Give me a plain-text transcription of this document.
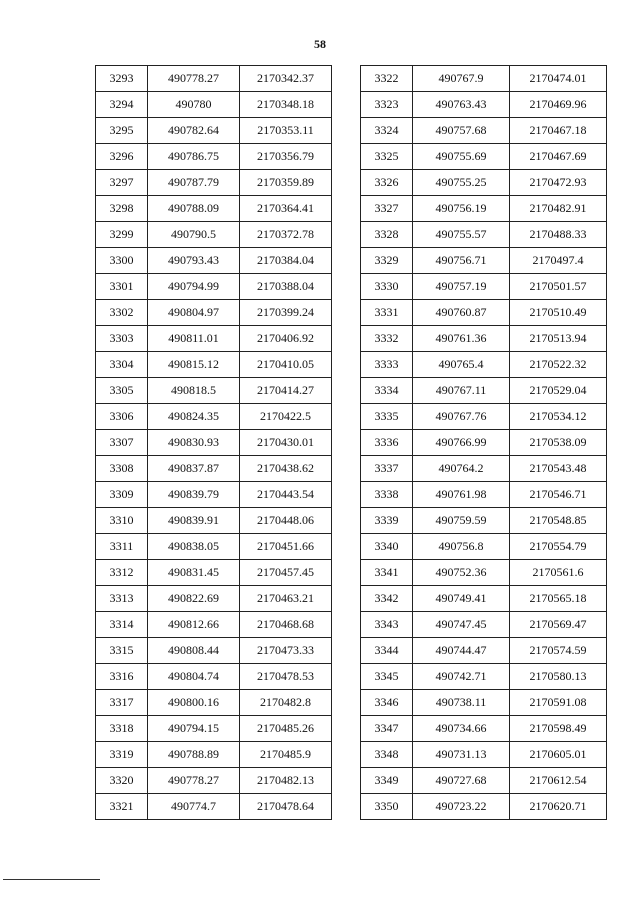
58
3293	490778.27	2170342.37
3294	490780	2170348.18
3295	490782.64	2170353.11
3296	490786.75	2170356.79
3297	490787.79	2170359.89
3298	490788.09	2170364.41
3299	490790.5	2170372.78
3300	490793.43	2170384.04
3301	490794.99	2170388.04
3302	490804.97	2170399.24
3303	490811.01	2170406.92
3304	490815.12	2170410.05
3305	490818.5	2170414.27
3306	490824.35	2170422.5
3307	490830.93	2170430.01
3308	490837.87	2170438.62
3309	490839.79	2170443.54
3310	490839.91	2170448.06
3311	490838.05	2170451.66
3312	490831.45	2170457.45
3313	490822.69	2170463.21
3314	490812.66	2170468.68
3315	490808.44	2170473.33
3316	490804.74	2170478.53
3317	490800.16	2170482.8
3318	490794.15	2170485.26
3319	490788.89	2170485.9
3320	490778.27	2170482.13
3321	490774.7	2170478.64
3322	490767.9	2170474.01
3323	490763.43	2170469.96
3324	490757.68	2170467.18
3325	490755.69	2170467.69
3326	490755.25	2170472.93
3327	490756.19	2170482.91
3328	490755.57	2170488.33
3329	490756.71	2170497.4
3330	490757.19	2170501.57
3331	490760.87	2170510.49
3332	490761.36	2170513.94
3333	490765.4	2170522.32
3334	490767.11	2170529.04
3335	490767.76	2170534.12
3336	490766.99	2170538.09
3337	490764.2	2170543.48
3338	490761.98	2170546.71
3339	490759.59	2170548.85
3340	490756.8	2170554.79
3341	490752.36	2170561.6
3342	490749.41	2170565.18
3343	490747.45	2170569.47
3344	490744.47	2170574.59
3345	490742.71	2170580.13
3346	490738.11	2170591.08
3347	490734.66	2170598.49
3348	490731.13	2170605.01
3349	490727.68	2170612.54
3350	490723.22	2170620.71
